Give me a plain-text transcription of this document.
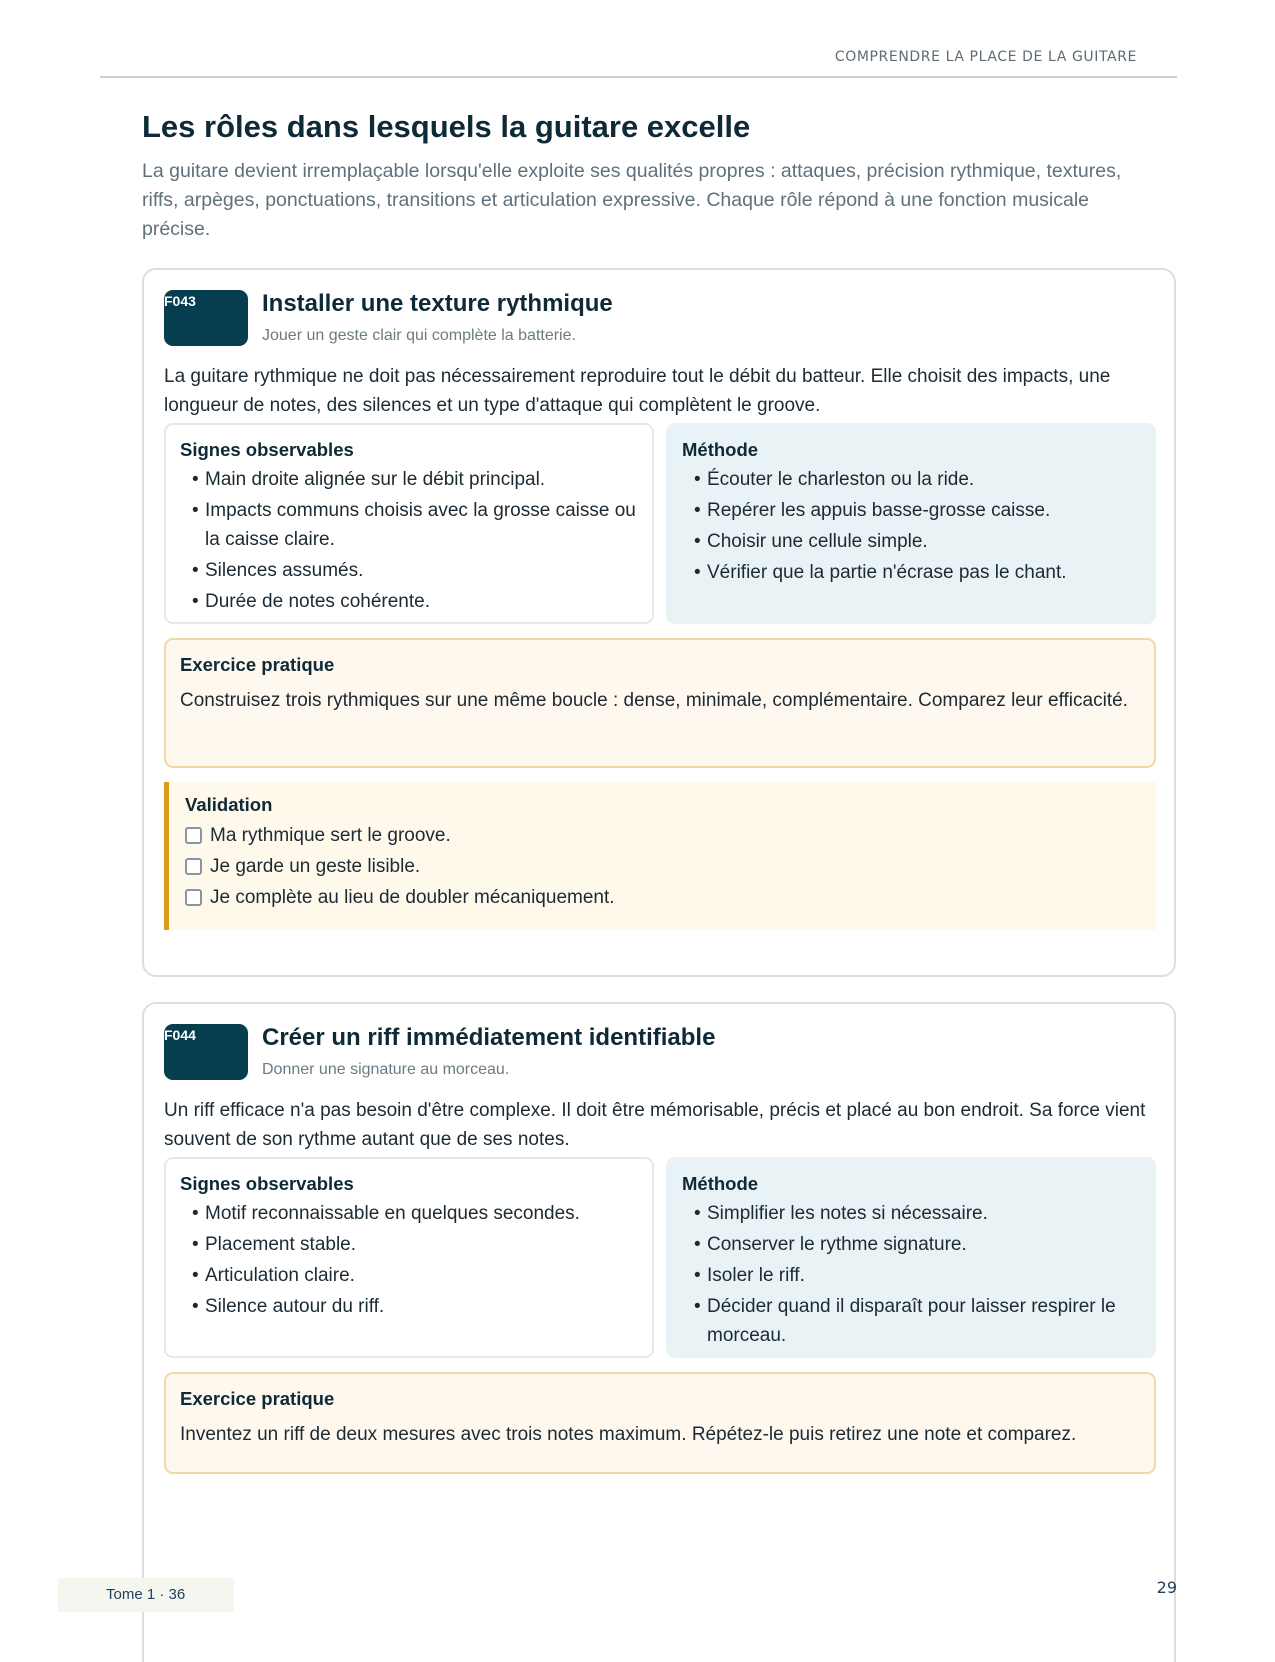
COMPRENDRE LA PLACE DE LA GUITARE
Les rôles dans lesquels la guitare excelle

La guitare devient irremplaçable lorsqu'elle exploite ses qualités propres : attaques, précision rythmique, textures, riffs, arpèges, ponctuations, transitions et articulation expressive. Chaque rôle répond à une fonction musicale précise.

F043	Installer une texture rythmique

Jouer un geste clair qui complète la batterie.

La guitare rythmique ne doit pas nécessairement reproduire tout le débit du batteur. Elle choisit des impacts, une longueur de notes, des silences et un type d'attaque qui complètent le groove.

Signes observables
• Main droite alignée sur le débit principal.
• Impacts communs choisis avec la grosse caisse ou la caisse claire.
• Silences assumés.
• Durée de notes cohérente.
Méthode
• Écouter le charleston ou la ride.
• Repérer les appuis basse-grosse caisse.
• Choisir une cellule simple.
• Vérifier que la partie n'écrase pas le chant.
Exercice pratique

Construisez trois rythmiques sur une même boucle : dense, minimale, complémentaire. Comparez leur efficacité.

Validation
Ma rythmique sert le groove.
Je garde un geste lisible.
Je complète au lieu de doubler mécaniquement.
F044	Créer un riff immédiatement identifiable

Donner une signature au morceau.

Un riff efficace n'a pas besoin d'être complexe. Il doit être mémorisable, précis et placé au bon endroit. Sa force vient souvent de son rythme autant que de ses notes.

Signes observables
• Motif reconnaissable en quelques secondes.
• Placement stable.
• Articulation claire.
• Silence autour du riff.
Méthode
• Simplifier les notes si nécessaire.
• Conserver le rythme signature.
• Isoler le riff.
• Décider quand il disparaît pour laisser respirer le morceau.
Exercice pratique

Inventez un riff de deux mesures avec trois notes maximum. Répétez-le puis retirez une note et comparez.

Tome 1 · 36	29
